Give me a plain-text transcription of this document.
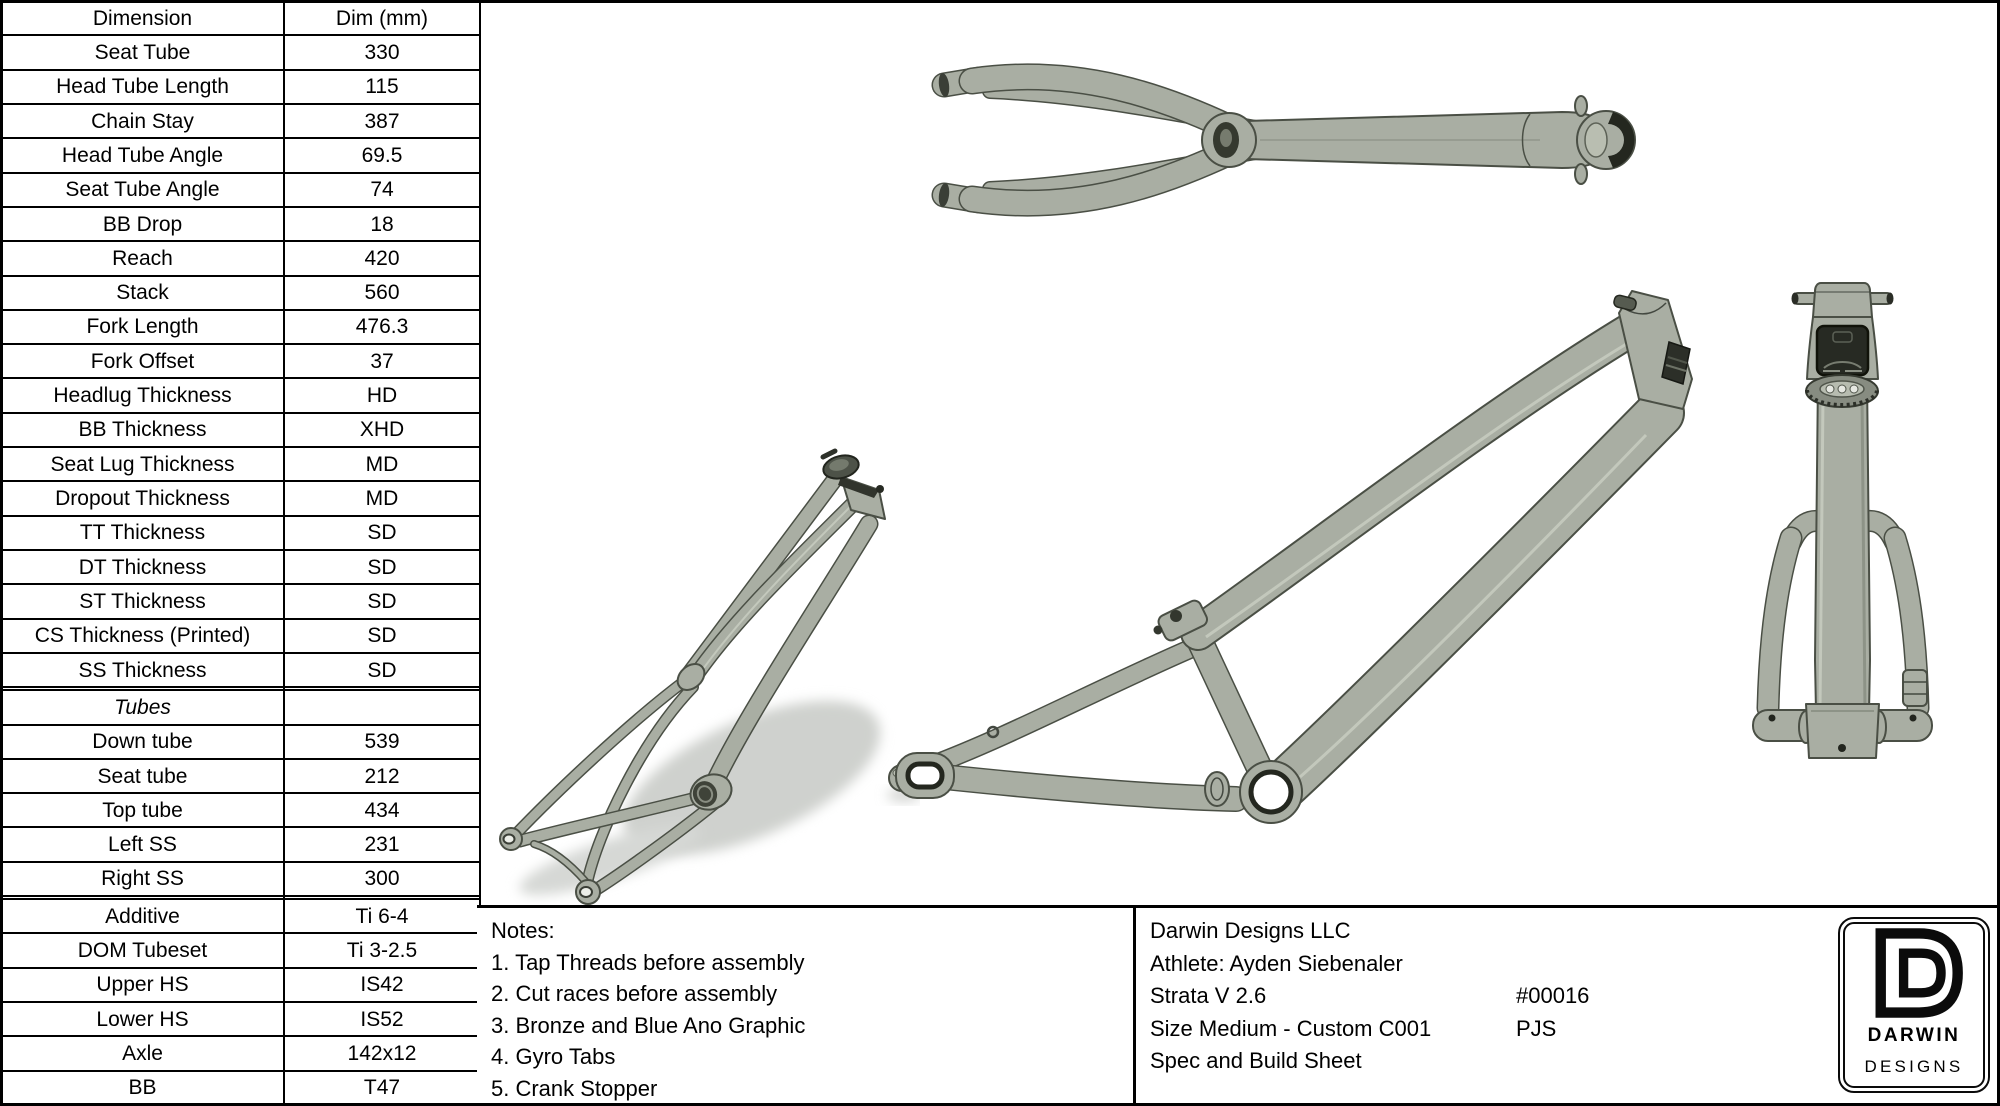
Dimension	Dim (mm)
Seat Tube	330
Head Tube Length	115
Chain Stay	387
Head Tube Angle	69.5
Seat Tube Angle	74
BB Drop	18
Reach	420
Stack	560
Fork Length	476.3
Fork Offset	37
Headlug Thickness	HD
BB Thickness	XHD
Seat Lug Thickness	MD
Dropout Thickness	MD
TT Thickness	SD
DT Thickness	SD
ST Thickness	SD
CS Thickness (Printed)	SD
SS Thickness	SD

Tubes	
Down tube	539
Seat tube	212
Top tube	434
Left SS	231
Right SS	300

Additive	Ti 6-4
DOM Tubeset	Ti 3-2.5
Upper HS	IS42
Lower HS	IS52
Axle	142x12
BB	T47
Notes:
1. Tap Threads before assembly
2. Cut races before assembly
3. Bronze and Blue Ano Graphic
4. Gyro Tabs
5. Crank Stopper
Darwin Designs LLC
Athlete: Ayden Siebenaler
Strata V 2.6	#00016
Size Medium - Custom C001	PJS
Spec and Build Sheet
DARWIN
DESIGNS
